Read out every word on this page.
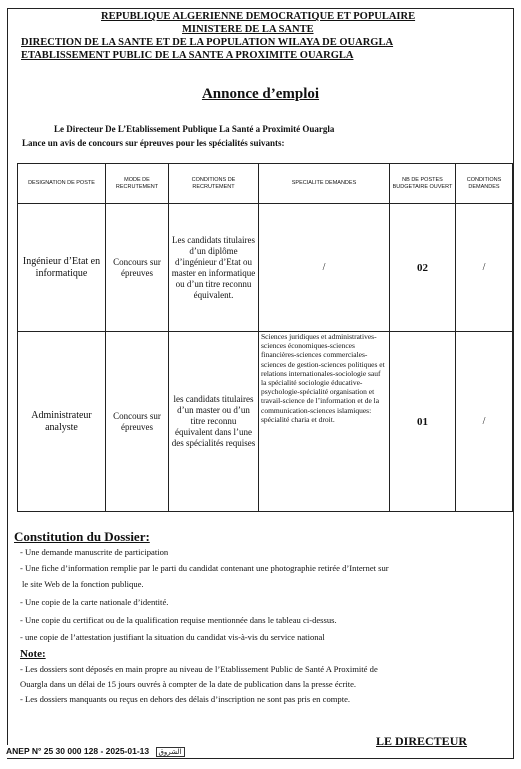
REPUBLIQUE ALGERIENNE DEMOCRATIQUE ET POPULAIRE
MINISTERE DE LA SANTE
DIRECTION DE LA SANTE ET DE LA POPULATION WILAYA DE OUARGLA
ETABLISSEMENT PUBLIC DE LA SANTE A PROXIMITE OUARGLA
Annonce d’emploi
Le Directeur De L’Etablissement Publique La Santé a Proximité Ouargla
Lance un avis de concours sur épreuves pour les spécialités suivants:
DESIGNATION DE POSTE	MODE DE RECRUTEMENT	CONDITIONS DE RECRUTEMENT	SPECIALITE DEMANDES	NB DE POSTES BUDGETAIRE OUVERT	CONDITIONS DEMANDES
Ingénieur d’Etat en informatique	Concours sur épreuves	Les candidats titulaires d’un diplôme d’ingénieur d’Etat ou master en informatique ou d’un titre reconnu équivalent.	/	02	/
Administrateur analyste	Concours sur épreuves	les candidats titulaires d’un master ou d’un titre reconnu équivalent dans l’une des spécialités requises	Sciences juridiques et administratives-sciences économiques-sciences financières-sciences commerciales-sciences de gestion-sciences politiques et relations internationales-sociologie sauf la spécialité sociologie éducative-psychologie-spécialité organisation et travail-science de l’information et de la communication-sciences islamiques: spécialité charia et droit.	01	/
Constitution du Dossier:
- Une demande manuscrite de participation
- Une fiche d’information remplie par le parti du candidat contenant une photographie retirée d’Internet sur
le site Web de la fonction publique.
- Une copie de la carte nationale d’identité.
- Une copie du certificat ou de la qualification requise mentionnée dans le tableau ci-dessus.
- une copie de l’attestation justifiant la situation du candidat vis-à-vis du service national
Note:
- Les dossiers sont déposés en main propre au niveau de l’Etablissement Public de Santé A Proximité de
Ouargla dans un délai de 15 jours ouvrés à compter de la date de publication dans la presse écrite.
- Les dossiers manquants ou reçus en dehors des délais d’inscription ne sont pas pris en compte.
LE DIRECTEUR
ANEP N° 25 30 000 128 - 2025-01-13 الشروق
